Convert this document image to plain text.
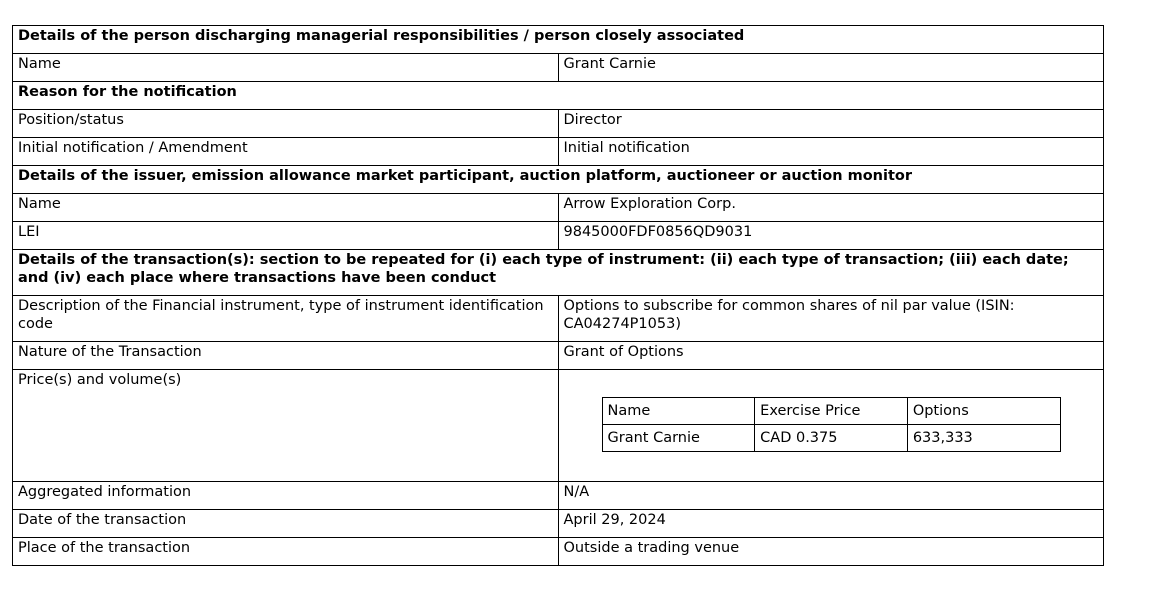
Details of the person discharging managerial responsibilities / person closely associated
Name	Grant Carnie
Reason for the notification
Position/status	Director
Initial notification / Amendment	Initial notification
Details of the issuer, emission allowance market participant, auction platform, auctioneer or auction monitor
Name	Arrow Exploration Corp.
LEI	9845000FDF0856QD9031
Details of the transaction(s): section to be repeated for (i) each type of instrument: (ii) each type of transaction; (iii) each date; and (iv) each place where transactions have been conduct
Description of the Financial instrument, type of instrument identification code	Options to subscribe for common shares of nil par value (ISIN: CA04274P1053)
Nature of the Transaction	Grant of Options
Price(s) and volume(s)	
Name	Exercise Price	Options
Grant Carnie	CAD 0.375	633,333

Aggregated information	N/A
Date of the transaction	April 29, 2024
Place of the transaction	Outside a trading venue
